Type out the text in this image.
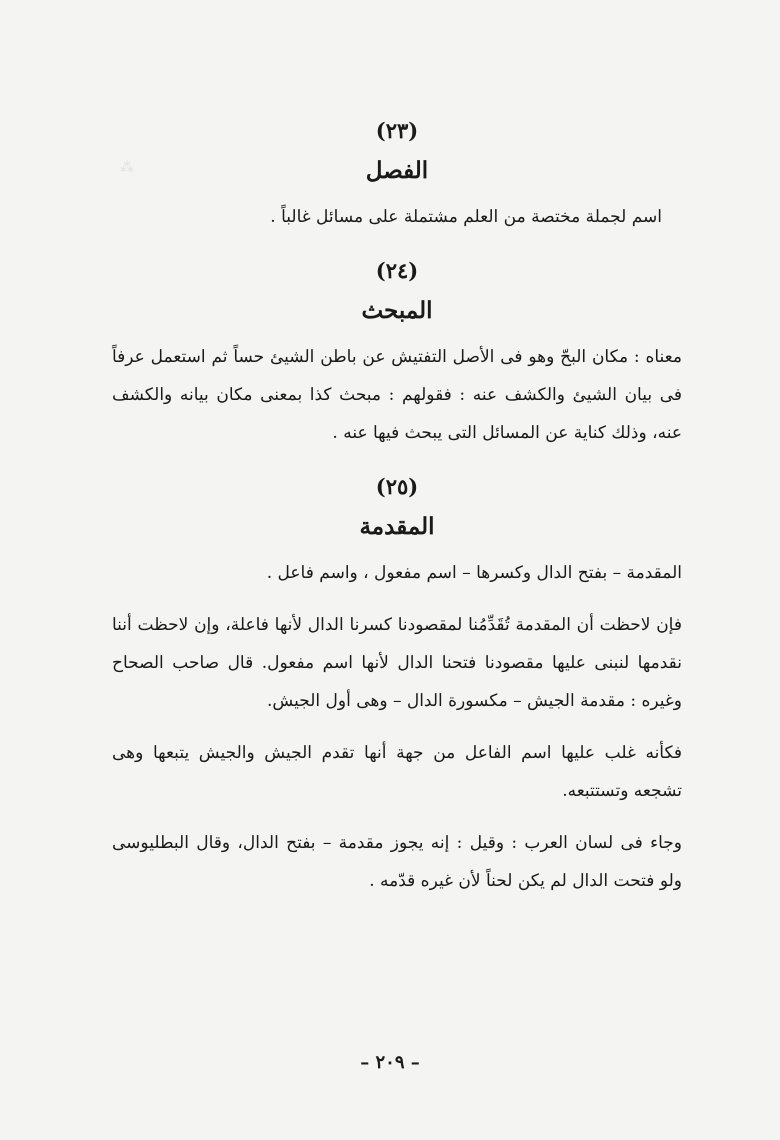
⁂
(٢٣)
الفصل

اسم لجملة مختصة من العلم مشتملة على مسائل غالباً .

(٢٤)
المبحث

معناه : مكان البحّ وهو فى الأصل التفتيش عن باطن الشيئ حساً ثم استعمل عرفاً فى بيان الشيئ والكشف عنه : فقولهم : مبحث كذا بمعنى مكان بيانه والكشف عنه، وذلك كناية عن المسائل التى يبحث فيها عنه .

(٢٥)
المقدمة

المقدمة – بفتح الدال وكسرها – اسم مفعول ، واسم فاعل .

فإن لاحظت أن المقدمة تُقَدِّمُنا لمقصودنا كسرنا الدال لأنها فاعلة، وإن لاحظت أننا نقدمها لنبنى عليها مقصودنا فتحنا الدال لأنها اسم مفعول. قال صاحب الصحاح وغيره : مقدمة الجيش – مكسورة الدال – وهى أول الجيش.

فكأنه غلب عليها اسم الفاعل من جهة أنها تقدم الجيش والجيش يتبعها وهى تشجعه وتستتبعه.

وجاء فى لسان العرب : وقيل : إنه يجوز مقدمة – بفتح الدال، وقال البطليوسى ولو فتحت الدال لم يكن لحناً لأن غيره قدّمه .

– ٢٠٩ –
